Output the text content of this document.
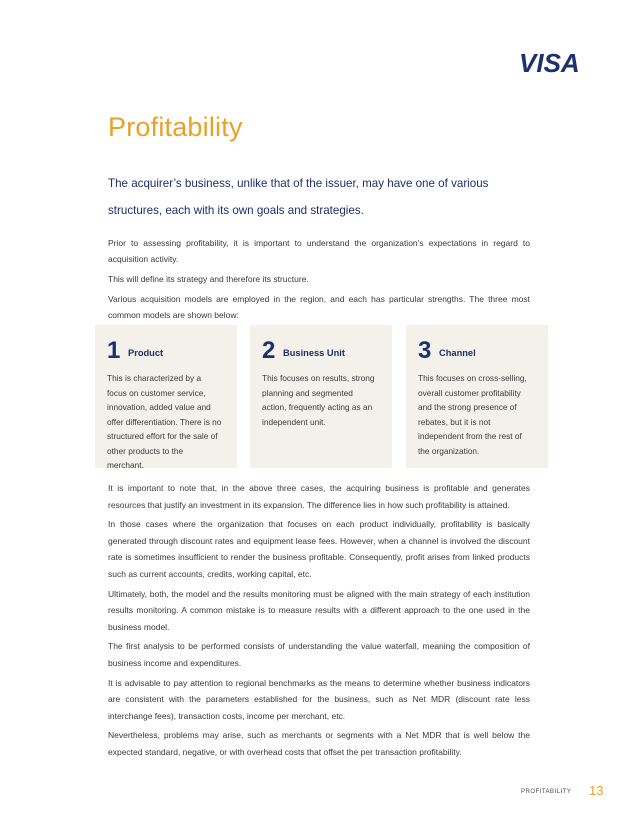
VISA
Profitability

The acquirer’s business, unlike that of the issuer, may have one of various structures, each with its own goals and strategies.

Prior to assessing profitability, it is important to understand the organization’s expectations in regard to acquisition activity.

This will define its strategy and therefore its structure.

Various acquisition models are employed in the region, and each has particular strengths. The three most common models are shown below:

1 Product
This is characterized by a focus on customer service, innovation, added value and offer differentiation. There is no structured effort for the sale of other products to the merchant.
2 Business Unit
This focuses on results, strong planning and segmented action, frequently acting as an independent unit.
3 Channel
This focuses on cross-selling, overall customer profitability and the strong presence of rebates, but it is not independent from the rest of the organization.

It is important to note that, in the above three cases, the acquiring business is profitable and generates resources that justify an investment in its expansion. The difference lies in how such profitability is attained.

In those cases where the organization that focuses on each product individually, profitability is basically generated through discount rates and equipment lease fees. However, when a channel is involved the discount rate is sometimes insufficient to render the business profitable. Consequently, profit arises from linked products such as current accounts, credits, working capital, etc.

Ultimately, both, the model and the results monitoring must be aligned with the main strategy of each institution results monitoring. A common mistake is to measure results with a different approach to the one used in the business model.

The first analysis to be performed consists of understanding the value waterfall, meaning the composition of business income and expenditures.

It is advisable to pay attention to regional benchmarks as the means to determine whether business indicators are consistent with the parameters established for the business, such as Net MDR (discount rate less interchange fees), transaction costs, income per merchant, etc.

Nevertheless, problems may arise, such as merchants or segments with a Net MDR that is well below the expected standard, negative, or with overhead costs that offset the per transaction profitability.

PROFITABILITY 13
